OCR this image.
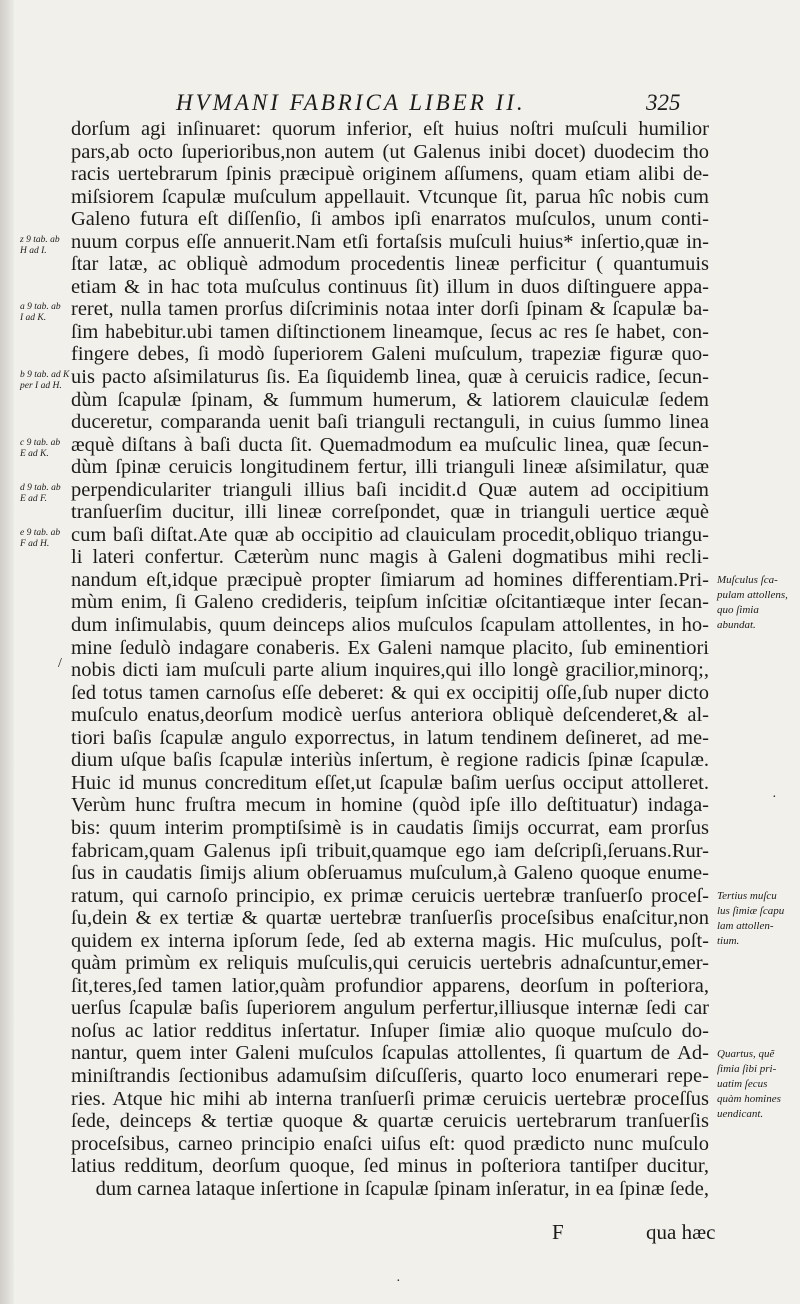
HVMANI FABRICA LIBER II.	325
dorſum agi inſinuaret: quorum inferior, eſt huius noſtri muſculi humilior
pars,ab octo ſuperioribus,non autem (ut Galenus inibi docet) duodecim tho
racis uertebrarum ſpinis præcipuè originem aſſumens, quam etiam alibi de-
miſsiorem ſcapulæ muſculum appellauit. Vtcunque ſit, parua hîc nobis cum
Galeno futura eſt diſſenſio, ſi ambos ipſi enarratos muſculos, unum conti-
nuum corpus eſſe annuerit.Nam etſi fortaſsis muſculi huius* inſertio,quæ in-
ſtar latæ, ac obliquè admodum procedentis lineæ perficitur ( quantumuis
etiam & in hac tota muſculus continuus ſit) illum in duos diſtinguere appa-
reret, nulla tamen prorſus diſcriminis notaa inter dorſi ſpinam & ſcapulæ ba-
ſim habebitur.ubi tamen diſtinctionem lineamque, ſecus ac res ſe habet, con-
fingere debes, ſi modò ſuperiorem Galeni muſculum, trapeziæ figuræ quo-
uis pacto aſsimilaturus ſis. Ea ſiquidemb linea, quæ à ceruicis radice, ſecun-
dùm ſcapulæ ſpinam, & ſummum humerum, & latiorem clauiculæ ſedem
duceretur, comparanda uenit baſi trianguli rectanguli, in cuius ſummo linea
æquè diſtans à baſi ducta ſit. Quemadmodum ea muſculic linea, quæ ſecun-
dùm ſpinæ ceruicis longitudinem fertur, illi trianguli lineæ aſsimilatur, quæ
perpendiculariter trianguli illius baſi incidit.d Quæ autem ad occipitium
tranſuerſim ducitur, illi lineæ correſpondet, quæ in trianguli uertice æquè
cum baſi diſtat.Ate quæ ab occipitio ad clauiculam procedit,obliquo triangu-
li lateri confertur. Cæterùm nunc magis à Galeni dogmatibus mihi recli-
nandum eſt,idque præcipuè propter ſimiarum ad homines differentiam.Pri-
mùm enim, ſi Galeno credideris, teipſum inſcitiæ oſcitantiæque inter ſecan-
dum inſimulabis, quum deinceps alios muſculos ſcapulam attollentes, in ho-
mine ſedulò indagare conaberis. Ex Galeni namque placito, ſub eminentiori
nobis dicti iam muſculi parte alium inquires,qui illo longè gracilior,minorq;,
ſed totus tamen carnoſus eſſe deberet: & qui ex occipitij oſſe,ſub nuper dicto
muſculo enatus,deorſum modicè uerſus anteriora obliquè deſcenderet,& al-
tiori baſis ſcapulæ angulo exporrectus, in latum tendinem deſineret, ad me-
dium uſque baſis ſcapulæ interiùs inſertum, è regione radicis ſpinæ ſcapulæ.
Huic id munus concreditum eſſet,ut ſcapulæ baſim uerſus occiput attolleret.
Verùm hunc fruſtra mecum in homine (quòd ipſe illo deſtituatur) indaga-
bis: quum interim promptiſsimè is in caudatis ſimijs occurrat, eam prorſus
fabricam,quam Galenus ipſi tribuit,quamque ego iam deſcripſi,ſeruans.Rur-
ſus in caudatis ſimijs alium obſeruamus muſculum,à Galeno quoque enume-
ratum, qui carnoſo principio, ex primæ ceruicis uertebræ tranſuerſo proceſ-
ſu,dein & ex tertiæ & quartæ uertebræ tranſuerſis proceſsibus enaſcitur,non
quidem ex interna ipſorum ſede, ſed ab externa magis. Hic muſculus, poſt-
quàm primùm ex reliquis muſculis,qui ceruicis uertebris adnaſcuntur,emer-
ſit,teres,ſed tamen latior,quàm profundior apparens, deorſum in poſteriora,
uerſus ſcapulæ baſis ſuperiorem angulum perfertur,illiusque internæ ſedi car
noſus ac latior redditus inſertatur. Inſuper ſimiæ alio quoque muſculo do-
nantur, quem inter Galeni muſculos ſcapulas attollentes, ſi quartum de Ad-
miniſtrandis ſectionibus adamuſsim diſcuſſeris, quarto loco enumerari repe-
ries. Atque hic mihi ab interna tranſuerſi primæ ceruicis uertebræ proceſſus
ſede, deinceps & tertiæ quoque & quartæ ceruicis uertebrarum tranſuerſis
proceſsibus, carneo principio enaſci uiſus eſt: quod prædicto nunc muſculo
latius redditum, deorſum quoque, ſed minus in poſteriora tantiſper ducitur,
dum carnea lataque inſertione in ſcapulæ ſpinam inſeratur, in ea ſpinæ ſede,
z 9 tab. ab
H ad I.
a 9 tab. ab
I ad K.
b 9 tab. ad K
per I ad H.
c 9 tab. ab
E ad K.
d 9 tab. ab
E ad F.
e 9 tab. ab
F ad H.
Muſculus ſca-
pulam attollens,
quo ſimia
abundat.
Tertius muſcu
lus ſimiæ ſcapu
lam attollen-
tium.
Quartus, quẽ
ſimia ſibi pri-
uatim ſecus
quàm homines
uendicant.
/
·
·
F	qua hæc
